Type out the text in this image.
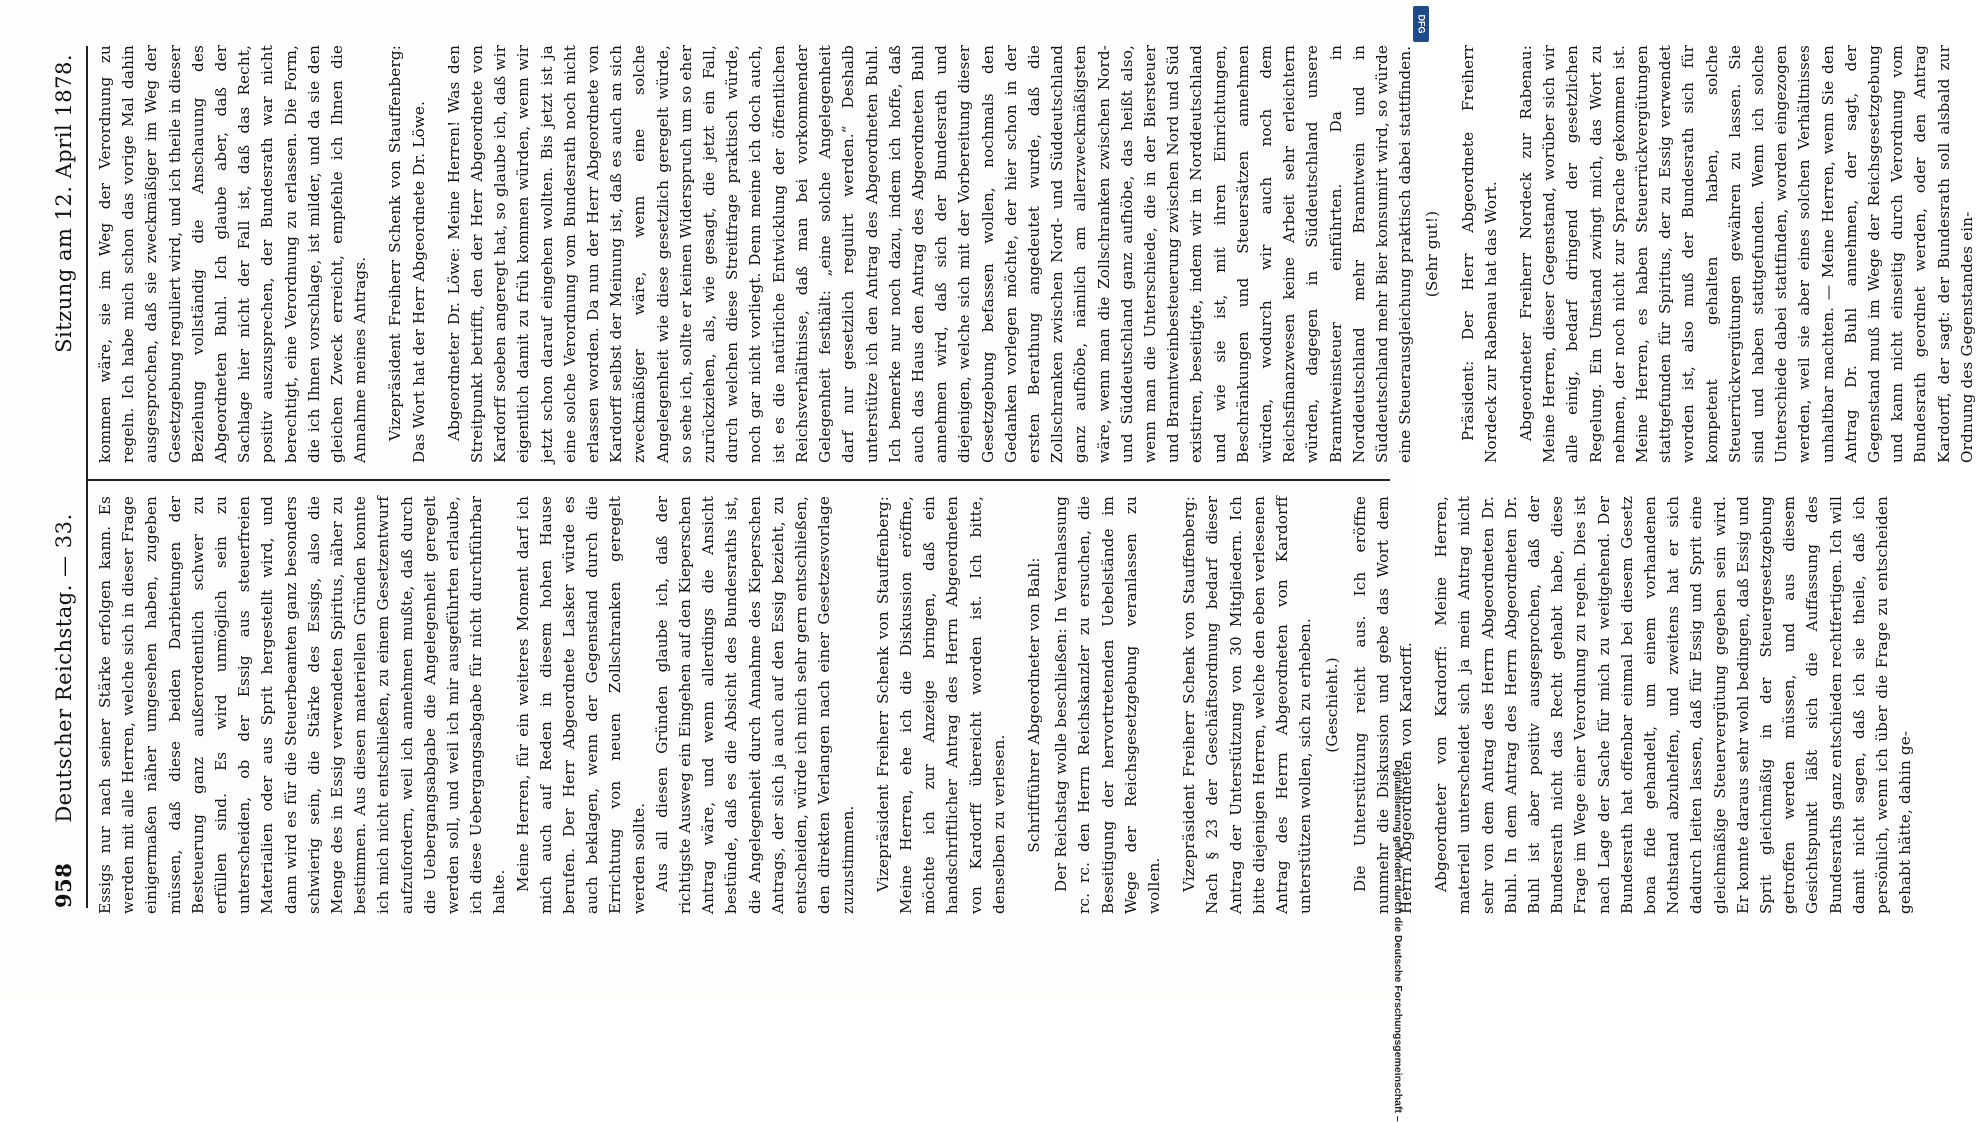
958
Deutscher Reichstag. — 33.
Sitzung am 12. April 1878.

Essigs nur nach seiner Stärke erfolgen kann. Es werden mit alle Herren, welche sich in dieser Frage einigermaßen näher umgesehen haben, zugeben müssen, daß diese beiden Darbietungen der Besteuerung ganz außerordentlich schwer zu erfüllen sind. Es wird unmöglich sein zu unterscheiden, ob der Essig aus steuerfreien Materialien oder aus Sprit hergestellt wird, und dann wird es für die Steuerbeamten ganz besonders schwierig sein, die Stärke des Essigs, also die Menge des in Essig verwendeten Spiritus, näher zu bestimmen. Aus diesen materiellen Gründen konnte ich mich nicht entschließen, zu einem Gesetzentwurf aufzufordern, weil ich annehmen mußte, daß durch die Uebergangsabgabe die Angelegenheit geregelt werden soll, und weil ich mir ausgeführten erlaube, ich diese Uebergangsabgabe für nicht durchführbar halte. Meine Herren, für ein weiteres Moment darf ich mich auch auf Reden in diesem hohen Hause berufen. Der Herr Abgeordnete Lasker würde es auch beklagen, wenn der Gegenstand durch die Errichtung von neuen Zollschranken geregelt werden sollte. Aus all diesen Gründen glaube ich, daß der richtigste Ausweg ein Eingehen auf den Kieperschen Antrag wäre, und wenn allerdings die Ansicht bestünde, daß es die Absicht des Bundesraths ist, die Angelegenheit durch Annahme des Kieperschen Antrags, der sich ja auch auf den Essig bezieht, zu entscheiden, würde ich mich sehr gern entschließen, den direkten Verlangen nach einer Gesetzesvorlage zuzustimmen. Vizepräsident Freiherr Schenk von Stauffenberg: Meine Herren, ehe ich die Diskussion eröffne, möchte ich zur Anzeige bringen, daß ein handschriftlicher Antrag des Herrn Abgeordneten von Kardorff übereicht worden ist. Ich bitte, denselben zu verlesen. Schriftführer Abgeordneter von Bahl: Der Reichstag wolle beschließen: In Veranlassung rc. rc. den Herrn Reichskanzler zu ersuchen, die Beseitigung der hervortretenden Uebelstände im Wege der Reichsgesetzgebung veranlassen zu wollen. Vizepräsident Freiherr Schenk von Stauffenberg: Nach § 23 der Geschäftsordnung bedarf dieser Antrag der Unterstützung von 30 Mitgliedern. Ich bitte diejenigen Herren, welche den eben verlesenen Antrag des Herrn Abgeordneten von Kardorff unterstützen wollen, sich zu erheben. (Geschieht.) Die Unterstützung reicht aus. Ich eröffne nunmehr die Diskussion und gebe das Wort dem Herrn Abgeordneten von Kardorff. Abgeordneter von Kardorff: Meine Herren, materiell unterscheidet sich ja mein Antrag nicht sehr von dem Antrag des Herrn Abgeordneten Dr. Buhl. In dem Antrag des Herrn Abgeordneten Dr. Buhl ist aber positiv ausgesprochen, daß der Bundesrath nicht das Recht gehabt habe, diese Frage im Wege einer Verordnung zu regeln. Dies ist nach Lage der Sache für mich zu weitgehend. Der Bundesrath hat offenbar einmal bei diesem Gesetz bona fide gehandelt, um einem vorhandenen Nothstand abzuhelfen, und zweitens hat er sich dadurch leiten lassen, daß für Essig und Sprit eine gleichmäßige Steuervergütung gegeben sein wird. Er konnte daraus sehr wohl bedingen, daß Essig und Sprit gleichmäßig in der Steuergesetzgebung getroffen werden müssen, und aus diesem Gesichtspunkt läßt sich die Auffassung des Bundesraths ganz entschieden rechtfertigen. Ich will damit nicht sagen, daß ich sie theile, daß ich persönlich, wenn ich über die Frage zu entscheiden gehabt hätte, dahin ge-

kommen wäre, sie im Weg der Verordnung zu regeln. Ich habe mich schon das vorige Mal dahin ausgesprochen, daß sie zweckmäßiger im Weg der Gesetzgebung reguliert wird, und ich theile in dieser Beziehung vollständig die Anschauung des Abgeordneten Buhl. Ich glaube aber, daß der Sachlage hier nicht der Fall ist, daß das Recht, positiv auszusprechen, der Bundesrath war nicht berechtigt, eine Verordnung zu erlassen. Die Form, die ich Ihnen vorschlage, ist milder, und da sie den gleichen Zweck erreicht, empfehle ich Ihnen die Annahme meines Antrags. Vizepräsident Freiherr Schenk von Stauffenberg: Das Wort hat der Herr Abgeordnete Dr. Löwe. Abgeordneter Dr. Löwe: Meine Herren! Was den Streitpunkt betrifft, den der Herr Abgeordnete von Kardorff soeben angeregt hat, so glaube ich, daß wir eigentlich damit zu früh kommen würden, wenn wir jetzt schon darauf eingehen wollten. Bis jetzt ist ja eine solche Verordnung vom Bundesrath noch nicht erlassen worden. Da nun der Herr Abgeordnete von Kardorff selbst der Meinung ist, daß es auch an sich zweckmäßiger wäre, wenn eine solche Angelegenheit wie diese gesetzlich geregelt würde, so sehe ich, sollte er keinen Widerspruch um so eher zurückziehen, als, wie gesagt, die jetzt ein Fall, durch welchen diese Streitfrage praktisch würde, noch gar nicht vorliegt. Denn meine ich doch auch, ist es die natürliche Entwicklung der öffentlichen Reichsverhältnisse, daß man bei vorkommender Gelegenheit festhält: „eine solche Angelegenheit darf nur gesetzlich regulirt werden.“ Deshalb unterstütze ich den Antrag des Abgeordneten Buhl. Ich bemerke nur noch dazu, indem ich hoffe, daß auch das Haus den Antrag des Abgeordneten Buhl annehmen wird, daß sich der Bundesrath und diejenigen, welche sich mit der Vorbereitung dieser Gesetzgebung befassen wollen, nochmals den Gedanken vorlegen möchte, der hier schon in der ersten Berathung angedeutet wurde, daß die Zollschranken zwischen Nord- und Süddeutschland ganz aufhöbe, nämlich am allerzweckmäßigsten wäre, wenn man die Zollschranken zwischen Nord- und Süddeutschland ganz aufhöbe, das heißt also, wenn man die Unterschiede, die in der Biersteuer und Branntweinbesteuerung zwischen Nord und Süd existiren, beseitigte, indem wir in Norddeutschland und wie sie ist, mit ihren Einrichtungen, Beschränkungen und Steuersätzen annehmen würden, wodurch wir auch noch dem Reichsfinanzwesen keine Arbeit sehr erleichtern würden, dagegen in Süddeutschland unsere Branntweinsteuer einführten. Da in Norddeutschland mehr Branntwein und in Süddeutschland mehr Bier konsumirt wird, so würde eine Steuerausgleichung praktisch dabei stattfinden. (Sehr gut!) Präsident: Der Herr Abgeordnete Freiherr Nordeck zur Rabenau hat das Wort. Abgeordneter Freiherr Nordeck zur Rabenau: Meine Herren, dieser Gegenstand, worüber sich wir alle einig, bedarf dringend der gesetzlichen Regelung. Ein Umstand zwingt mich, das Wort zu nehmen, der noch nicht zur Sprache gekommen ist. Meine Herren, es haben Steuerrückvergütungen stattgefunden für Spiritus, der zu Essig verwendet worden ist, also muß der Bundesrath sich für kompetent gehalten haben, solche Steuerrückvergütungen gewähren zu lassen. Sie sind und haben stattgefunden. Wenn ich solche Unterschiede dabei stattfinden, worden eingezogen werden, weil sie aber eines solchen Verhältnisses unhaltbar machten. — Meine Herren, wenn Sie den Antrag Dr. Buhl annehmen, der sagt, der Gegenstand muß im Wege der Reichsgesetzgebung und kann nicht einseitig durch Verordnung vom Bundesrath geordnet werden, oder den Antrag Kardorff, der sagt: der Bundesrath soll alsbald zur Ordnung des Gegenstandes ein-

DFG
Digitalisierung gefördert durch die Deutsche Forschungsgemeinschaft –
